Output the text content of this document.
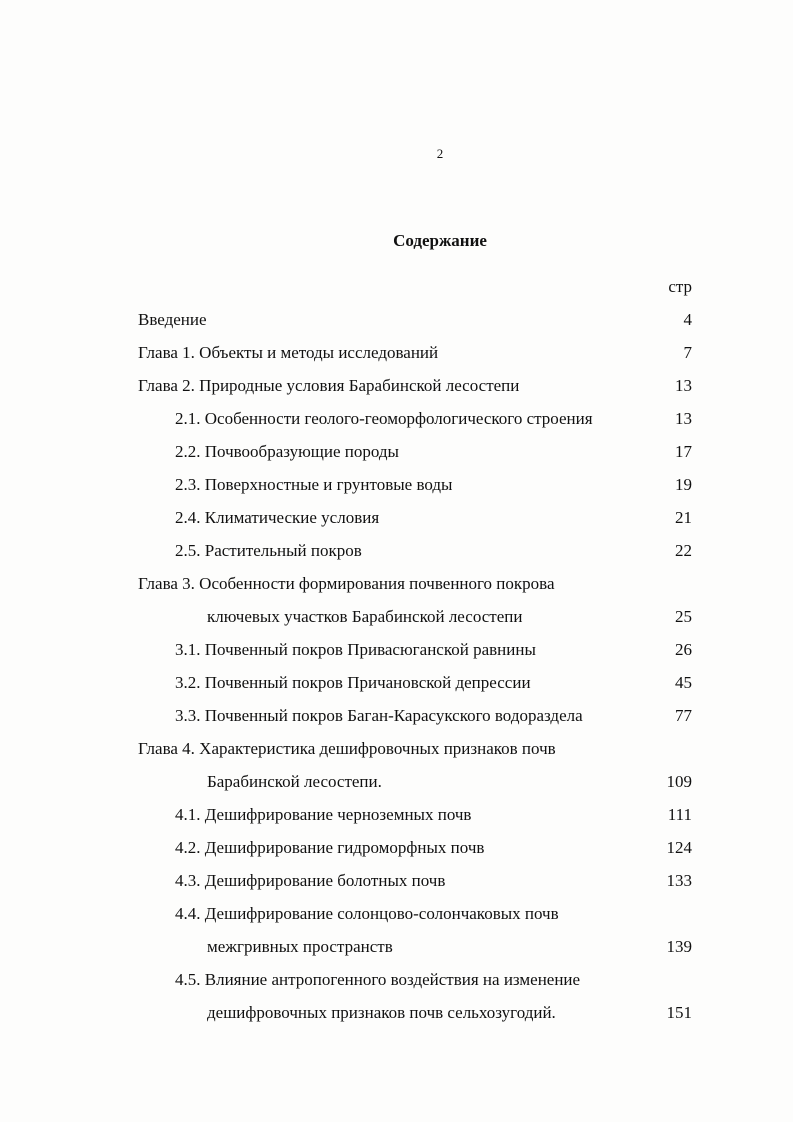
2
Содержание
стр
Введение	4
Глава 1. Объекты и методы исследований	7
Глава 2. Природные условия Барабинской лесостепи	13
2.1. Особенности геолого-геоморфологического строения	13
2.2. Почвообразующие породы	17
2.3. Поверхностные и грунтовые воды	19
2.4. Климатические условия	21
2.5. Растительный покров	22
Глава 3. Особенности формирования почвенного покрова
ключевых участков Барабинской лесостепи	25
3.1. Почвенный покров Привасюганской равнины	26
3.2. Почвенный покров Причановской депрессии	45
3.3. Почвенный покров Баган-Карасукского водораздела	77
Глава 4. Характеристика дешифровочных признаков почв
Барабинской лесостепи.	109
4.1. Дешифрирование черноземных почв	111
4.2. Дешифрирование гидроморфных почв	124
4.3. Дешифрирование болотных почв	133
4.4. Дешифрирование солонцово-солончаковых почв
межгривных пространств	139
4.5. Влияние антропогенного воздействия на изменение
дешифровочных признаков почв сельхозугодий.	151
